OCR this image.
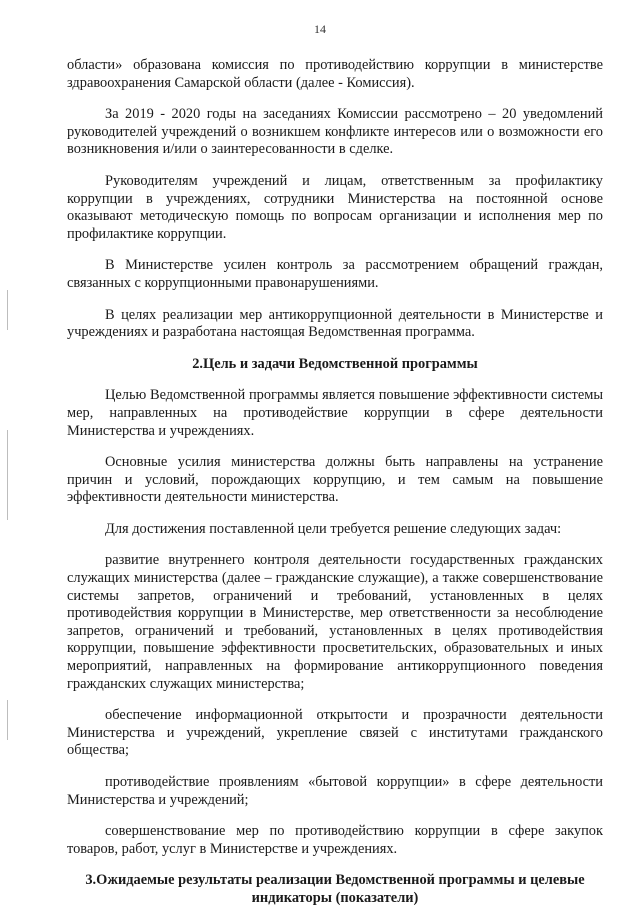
14

области» образована комиссия по противодействию коррупции в министерстве здравоохранения Самарской области (далее - Комиссия).

За 2019 - 2020 годы на заседаниях Комиссии рассмотрено – 20 уведомлений руководителей учреждений о возникшем конфликте интересов или о возможности его возникновения и/или о заинтересованности в сделке.

Руководителям учреждений и лицам, ответственным за профилактику коррупции в учреждениях, сотрудники Министерства на постоянной основе оказывают методическую помощь по вопросам организации и исполнения мер по профилактике коррупции.

В Министерстве усилен контроль за рассмотрением обращений граждан, связанных с коррупционными правонарушениями.

В целях реализации мер антикоррупционной деятельности в Министерстве и учреждениях и разработана настоящая Ведомственная программа.

2.Цель и задачи Ведомственной программы

Целью Ведомственной программы является повышение эффективности системы мер, направленных на противодействие коррупции в сфере деятельности Министерства и учреждениях.

Основные усилия министерства должны быть направлены на устранение причин и условий, порождающих коррупцию, и тем самым на повышение эффективности деятельности министерства.

Для достижения поставленной цели требуется решение следующих задач:

развитие внутреннего контроля деятельности государственных гражданских служащих министерства (далее – гражданские служащие), а также совершенствование системы запретов, ограничений и требований, установленных в целях противодействия коррупции в Министерстве, мер ответственности за несоблюдение запретов, ограничений и требований, установленных в целях противодействия коррупции, повышение эффективности просветительских, образовательных и иных мероприятий, направленных на формирование антикоррупционного поведения гражданских служащих министерства;

обеспечение информационной открытости и прозрачности деятельности Министерства и учреждений, укрепление связей с институтами гражданского общества;

противодействие проявлениям «бытовой коррупции» в сфере деятельности Министерства и учреждений;

совершенствование мер по противодействию коррупции в сфере закупок товаров, работ, услуг в Министерстве и учреждениях.

3.Ожидаемые результаты реализации Ведомственной программы и целевые индикаторы (показатели)
